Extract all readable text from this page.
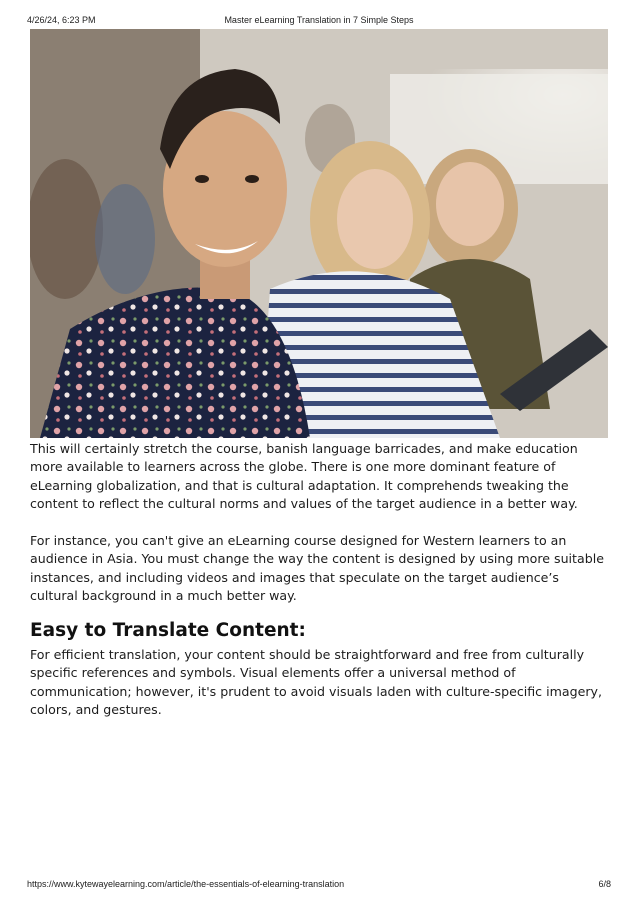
4/26/24, 6:23 PM	Master eLearning Translation in 7 Simple Steps

This will certainly stretch the course, banish language barricades, and make education more available to learners across the globe. There is one more dominant feature of eLearning globalization, and that is cultural adaptation. It comprehends tweaking the content to reflect the cultural norms and values of the target audience in a better way.

For instance, you can't give an eLearning course designed for Western learners to an audience in Asia. You must change the way the content is designed by using more suitable instances, and including videos and images that speculate on the target audience’s cultural background in a much better way.

Easy to Translate Content:

For efficient translation, your content should be straightforward and free from culturally specific references and symbols. Visual elements offer a universal method of communication; however, it's prudent to avoid visuals laden with culture-specific imagery, colors, and gestures.

https://www.kytewayelearning.com/article/the-essentials-of-elearning-translation	6/8
